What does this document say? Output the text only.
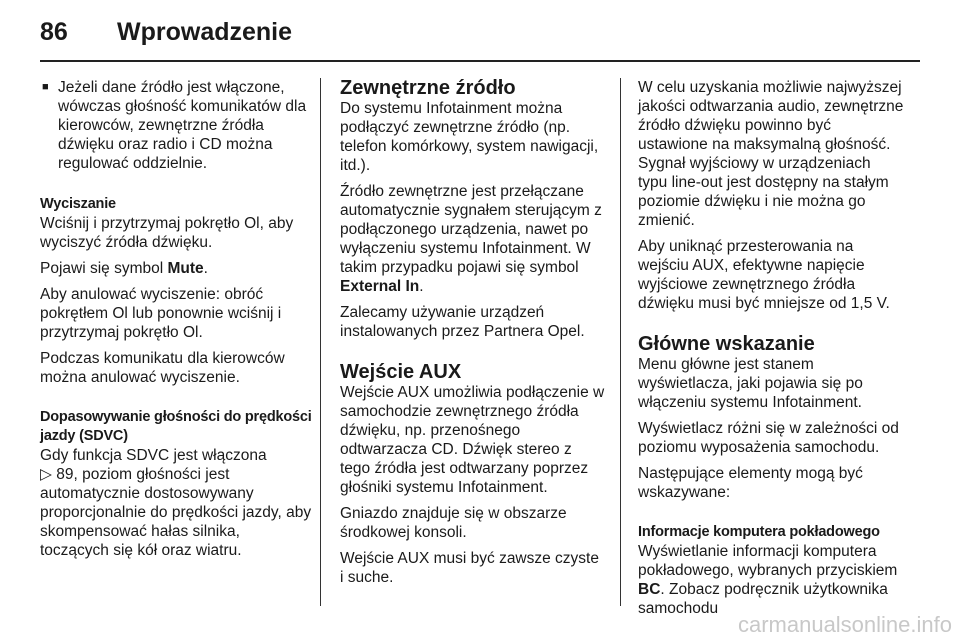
86 Wprowadzenie
■ Jeżeli dane źródło jest włączone, wówczas głośność komunikatów dla kierowców, zewnętrzne źródła dźwięku oraz radio i CD można regulować oddzielnie.

Wyciszanie

Wciśnij i przytrzymaj pokrętło Ol, aby wyciszyć źródła dźwięku.

Pojawi się symbol Mute.

Aby anulować wyciszenie: obróć pokrętłem Ol lub ponownie wciśnij i przytrzymaj pokrętło Ol.

Podczas komunikatu dla kierowców można anulować wyciszenie.

Dopasowywanie głośności do prędkości jazdy (SDVC)

Gdy funkcja SDVC jest włączona
▷ 89, poziom głośności jest automatycznie dostosowywany proporcjonalnie do prędkości jazdy, aby skompensować hałas silnika, toczących się kół oraz wiatru.

Zewnętrzne źródło

Do systemu Infotainment można podłączyć zewnętrzne źródło (np. telefon komórkowy, system nawigacji, itd.).

Źródło zewnętrzne jest przełączane automatycznie sygnałem sterującym z podłączonego urządzenia, nawet po wyłączeniu systemu Infotainment. W takim przypadku pojawi się symbol External In.

Zalecamy używanie urządzeń instalowanych przez Partnera Opel.

Wejście AUX

Wejście AUX umożliwia podłączenie w samochodzie zewnętrznego źródła dźwięku, np. przenośnego odtwarzacza CD. Dźwięk stereo z tego źródła jest odtwarzany poprzez głośniki systemu Infotainment.

Gniazdo znajduje się w obszarze środkowej konsoli.

Wejście AUX musi być zawsze czyste i suche.

W celu uzyskania możliwie najwyższej jakości odtwarzania audio, zewnętrzne źródło dźwięku powinno być ustawione na maksymalną głośność. Sygnał wyjściowy w urządzeniach typu line-out jest dostępny na stałym poziomie dźwięku i nie można go zmienić.

Aby uniknąć przesterowania na wejściu AUX, efektywne napięcie wyjściowe zewnętrznego źródła dźwięku musi być mniejsze od 1,5 V.

Główne wskazanie

Menu główne jest stanem wyświetlacza, jaki pojawia się po włączeniu systemu Infotainment.

Wyświetlacz różni się w zależności od poziomu wyposażenia samochodu.

Następujące elementy mogą być wskazywane:

Informacje komputera pokładowego

Wyświetlanie informacji komputera pokładowego, wybranych przyciskiem BC. Zobacz podręcznik użytkownika samochodu

carmanualsonline.info
